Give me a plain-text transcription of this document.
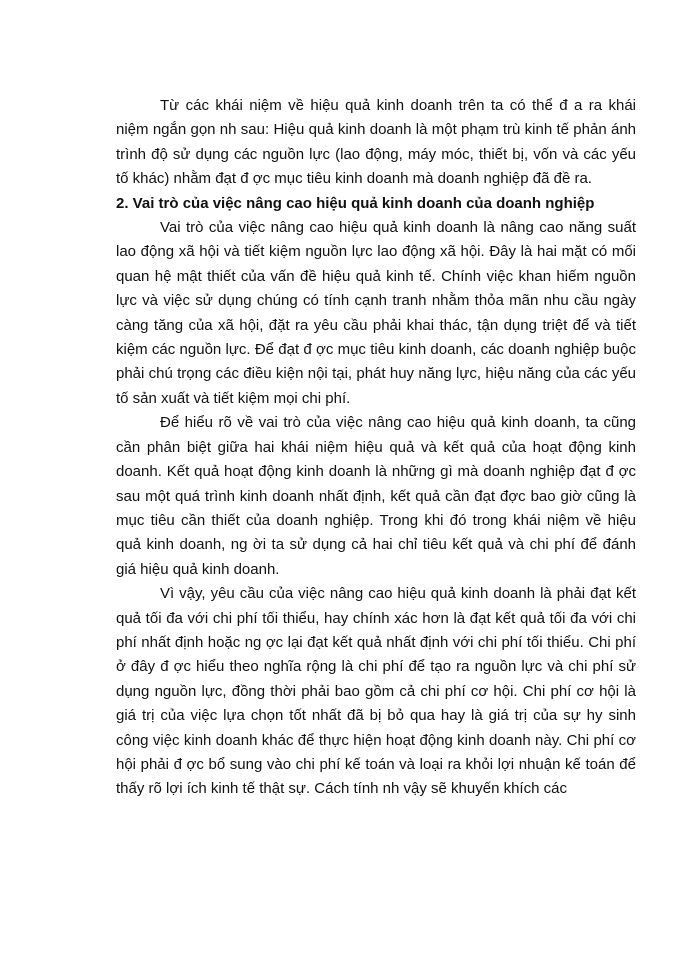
Từ các khái niệm về hiệu quả kinh doanh trên ta có thể đ a ra khái niệm ngắn gọn nh sau: Hiệu quả kinh doanh là một phạm trù kinh tế phản ánh trình độ sử dụng các nguồn lực (lao động, máy móc, thiết bị, vốn và các yếu tố khác) nhằm đạt đ ợc mục tiêu kinh doanh mà doanh nghiệp đã đề ra.

2. Vai trò của việc nâng cao hiệu quả kinh doanh của doanh nghiệp

Vai trò của việc nâng cao hiệu quả kinh doanh là nâng cao năng suất lao động xã hội và tiết kiệm nguồn lực lao động xã hội. Đây là hai mặt có mối quan hệ mật thiết của vấn đề hiệu quả kinh tế. Chính việc khan hiếm nguồn lực và việc sử dụng chúng có tính cạnh tranh nhằm thỏa mãn nhu cầu ngày càng tăng của xã hội, đặt ra yêu cầu phải khai thác, tận dụng triệt để và tiết kiệm các nguồn lực. Để đạt đ ợc mục tiêu kinh doanh, các doanh nghiệp buộc phải chú trọng các điều kiện nội tại, phát huy năng lực, hiệu năng của các yếu tố sản xuất và tiết kiệm mọi chi phí.

Để hiểu rõ về vai trò của việc nâng cao hiệu quả kinh doanh, ta cũng cần phân biệt giữa hai khái niệm hiệu quả và kết quả của hoạt động kinh doanh. Kết quả hoạt động kinh doanh là những gì mà doanh nghiệp đạt đ ợc sau một quá trình kinh doanh nhất định, kết quả cần đạt đợc bao giờ cũng là mục tiêu cần thiết của doanh nghiệp. Trong khi đó trong khái niệm về hiệu quả kinh doanh, ng ời ta sử dụng cả hai chỉ tiêu kết quả và chi phí để đánh giá hiệu quả kinh doanh.

Vì vậy, yêu cầu của việc nâng cao hiệu quả kinh doanh là phải đạt kết quả tối đa với chi phí tối thiểu, hay chính xác hơn là đạt kết quả tối đa với chi phí nhất định hoặc ng ợc lại đạt kết quả nhất định với chi phí tối thiểu. Chi phí ở đây đ ợc hiểu theo nghĩa rộng là chi phí để tạo ra nguồn lực và chi phí sử dụng nguồn lực, đồng thời phải bao gồm cả chi phí cơ hội. Chi phí cơ hội là giá trị của việc lựa chọn tốt nhất đã bị bỏ qua hay là giá trị của sự hy sinh công việc kinh doanh khác để thực hiện hoạt động kinh doanh này. Chi phí cơ hội phải đ ợc bổ sung vào chi phí kế toán và loại ra khỏi lợi nhuận kế toán để thấy rõ lợi ích kinh tế thật sự. Cách tính nh vậy sẽ khuyến khích các
